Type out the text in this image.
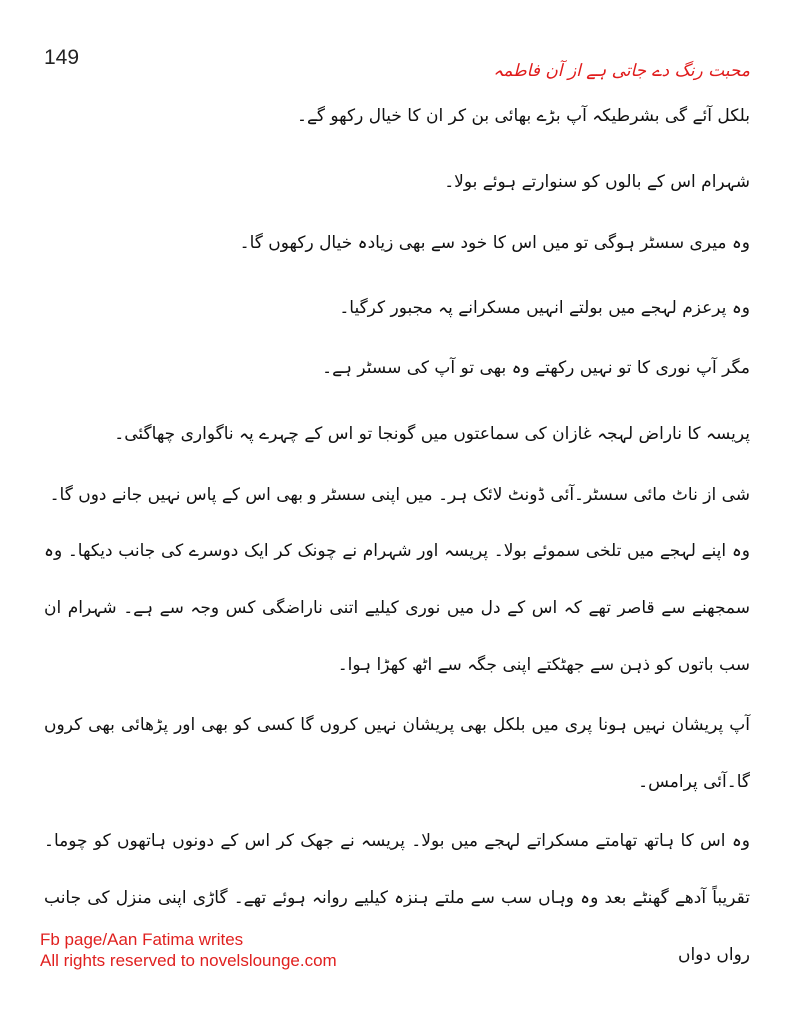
149
محبت رنگ دے جاتی ہے از آن فاطمہ
بلکل آئے گی بشرطیکہ آپ بڑے بھائی بن کر ان کا خیال رکھو گے۔
شہرام اس کے بالوں کو سنوارتے ہوئے بولا۔
وہ میری سسٹر ہوگی تو میں اس کا خود سے بھی زیادہ خیال رکھوں گا۔
وہ پرعزم لہجے میں بولتے انہیں مسکرانے پہ مجبور کرگیا۔
مگر آپ نوری کا تو نہیں رکھتے وہ بھی تو آپ کی سسٹر ہے۔
پریسہ کا ناراض لہجہ غازان کی سماعتوں میں گونجا تو اس کے چہرے پہ ناگواری چھاگئی۔
شی از ناٹ مائی سسٹر۔آئی ڈونٹ لائک ہر۔ میں اپنی سسٹر و بھی اس کے پاس نہیں جانے دوں گا۔
وہ اپنے لہجے میں تلخی سموئے بولا۔ پریسہ اور شہرام نے چونک کر ایک دوسرے کی جانب دیکھا۔ وہ سمجھنے سے قاصر تھے کہ اس کے دل میں نوری کیلیے اتنی ناراضگی کس وجہ سے ہے۔ شہرام ان سب باتوں کو ذہن سے جھٹکتے اپنی جگہ سے اٹھ کھڑا ہوا۔
آپ پریشان نہیں ہونا پری میں بلکل بھی پریشان نہیں کروں گا کسی کو بھی اور پڑھائی بھی کروں گا۔آئی پرامس۔
وہ اس کا ہاتھ تھامتے مسکراتے لہجے میں بولا۔ پریسہ نے جھک کر اس کے دونوں ہاتھوں کو چوما۔ تقریباً آدھے گھنٹے بعد وہ وہاں سب سے ملتے ہنزہ کیلیے روانہ ہوئے تھے۔ گاڑی اپنی منزل کی جانب رواں دواں
Fb page/Aan Fatima writes
All rights reserved to novelslounge.com
